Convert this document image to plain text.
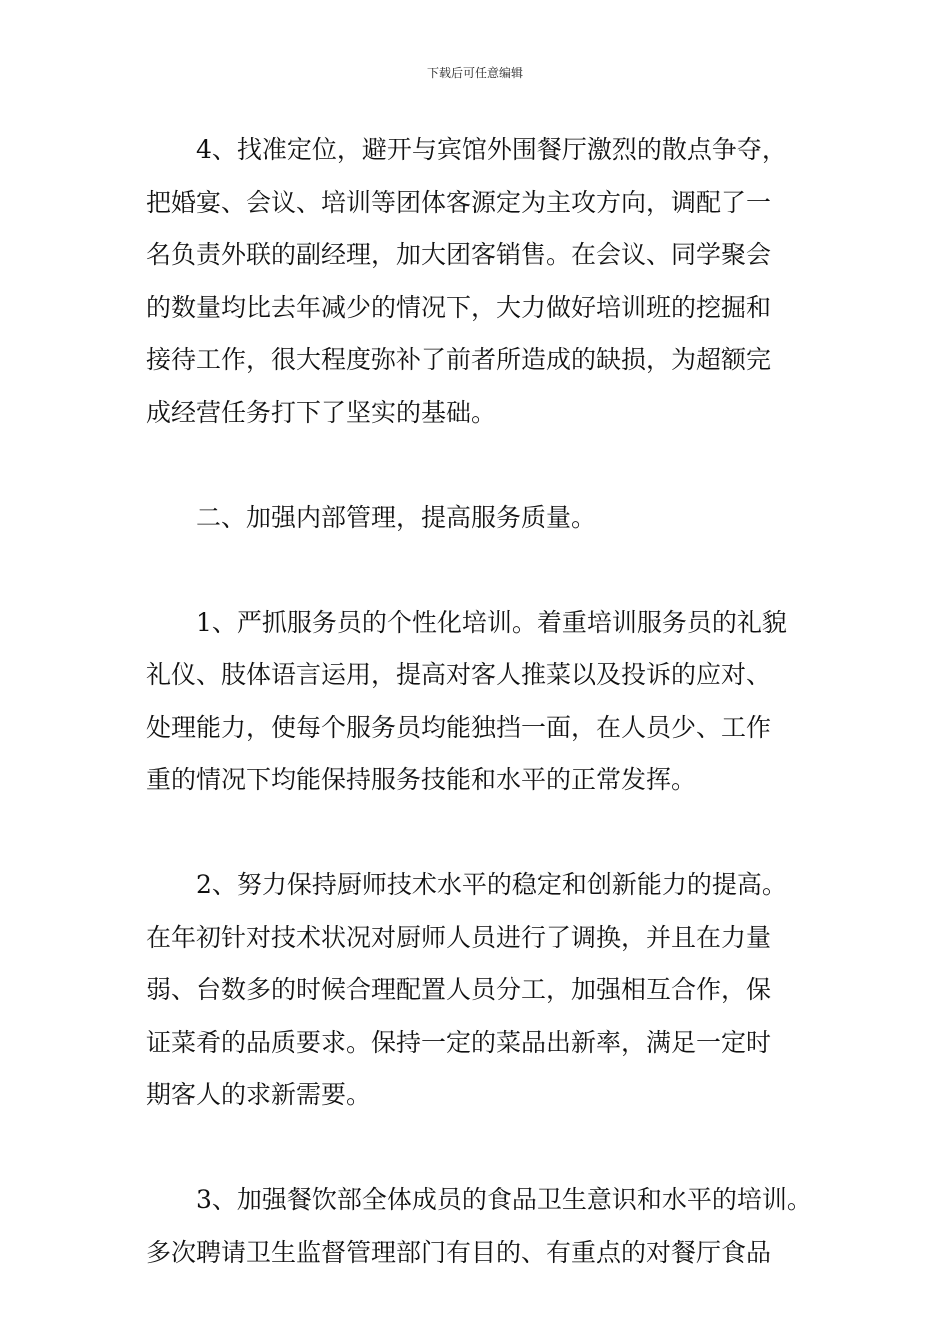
下载后可任意编辑

4、找准定位，避开与宾馆外围餐厅激烈的散点争夺，
把婚宴、会议、培训等团体客源定为主攻方向，调配了一
名负责外联的副经理，加大团客销售。在会议、同学聚会
的数量均比去年减少的情况下，大力做好培训班的挖掘和
接待工作，很大程度弥补了前者所造成的缺损，为超额完
成经营任务打下了坚实的基础。

二、加强内部管理，提高服务质量。

1、严抓服务员的个性化培训。着重培训服务员的礼貌
礼仪、肢体语言运用，提高对客人推菜以及投诉的应对、
处理能力，使每个服务员均能独挡一面，在人员少、工作
重的情况下均能保持服务技能和水平的正常发挥。

2、努力保持厨师技术水平的稳定和创新能力的提高。
在年初针对技术状况对厨师人员进行了调换，并且在力量
弱、台数多的时候合理配置人员分工，加强相互合作，保
证菜肴的品质要求。保持一定的菜品出新率，满足一定时
期客人的求新需要。

3、加强餐饮部全体成员的食品卫生意识和水平的培训。
多次聘请卫生监督管理部门有目的、有重点的对餐厅食品
